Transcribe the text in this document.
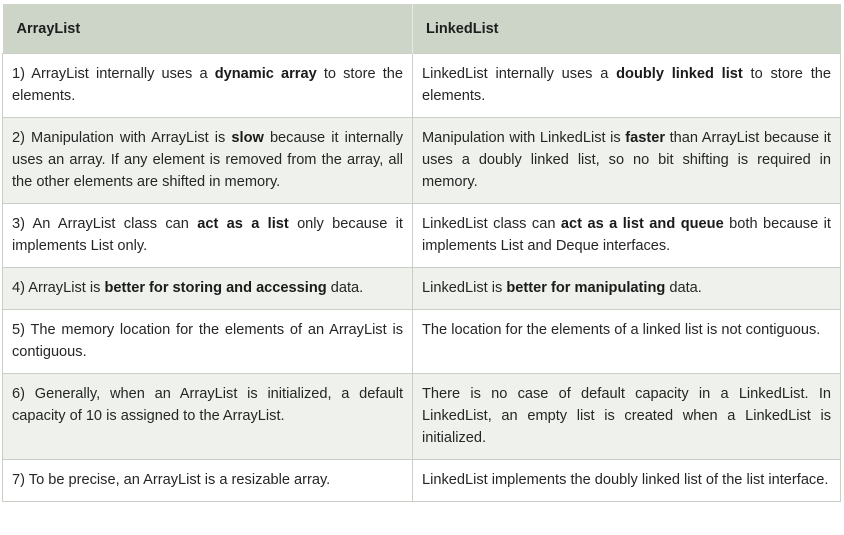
ArrayList	LinkedList
1) ArrayList internally uses a dynamic array to store the elements.	LinkedList internally uses a doubly linked list to store the elements.
2) Manipulation with ArrayList is slow because it internally uses an array. If any element is removed from the array, all the other elements are shifted in memory.	Manipulation with LinkedList is faster than ArrayList because it uses a doubly linked list, so no bit shifting is required in memory.
3) An ArrayList class can act as a list only because it implements List only.	LinkedList class can act as a list and queue both because it implements List and Deque interfaces.
4) ArrayList is better for storing and accessing data.	LinkedList is better for manipulating data.
5) The memory location for the elements of an ArrayList is contiguous.	The location for the elements of a linked list is not contiguous.
6) Generally, when an ArrayList is initialized, a default capacity of 10 is assigned to the ArrayList.	There is no case of default capacity in a LinkedList. In LinkedList, an empty list is created when a LinkedList is initialized.
7) To be precise, an ArrayList is a resizable array.	LinkedList implements the doubly linked list of the list interface.
